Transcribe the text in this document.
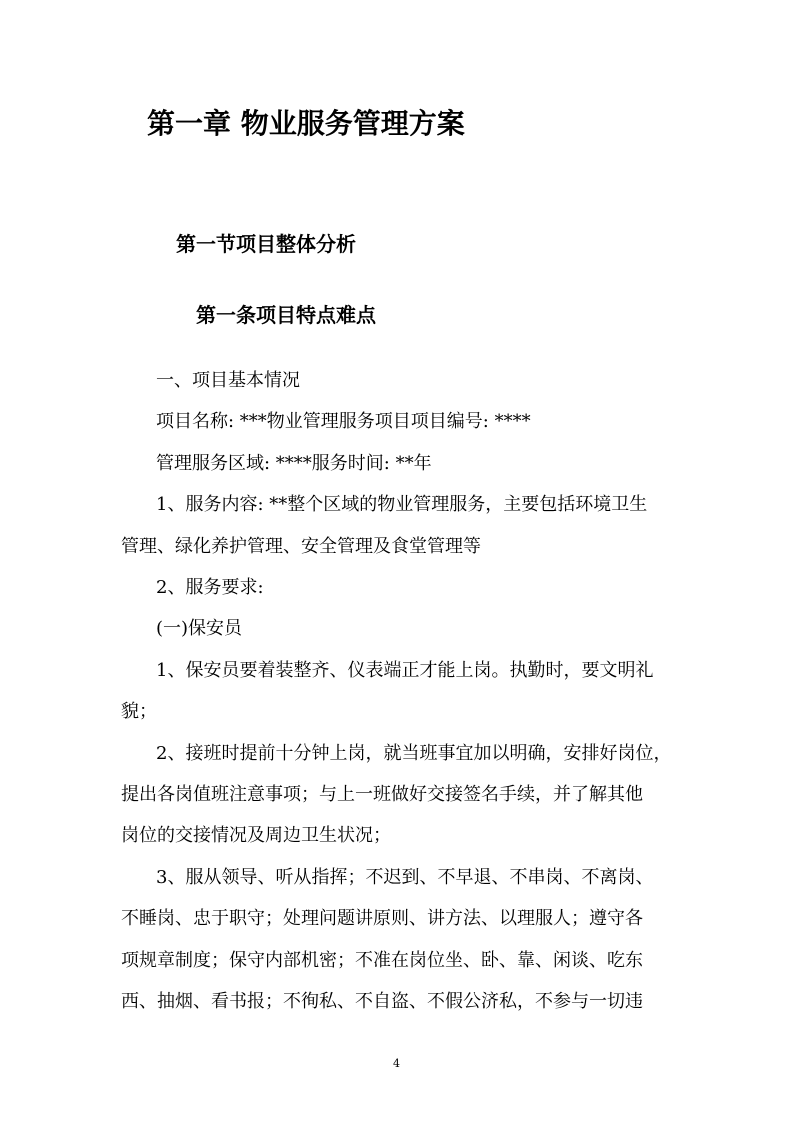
第一章 物业服务管理方案
第一节项目整体分析
第一条项目特点难点
一、项目基本情况
项目名称: ***物业管理服务项目项目编号: ****
管理服务区域: ****服务时间: **年
1、服务内容: **整个区域的物业管理服务，主要包括环境卫生
管理、绿化养护管理、安全管理及食堂管理等
2、服务要求:
(一)保安员
1、保安员要着装整齐、仪表端正才能上岗。执勤时，要文明礼
貌；
2、接班时提前十分钟上岗，就当班事宜加以明确，安排好岗位，
提出各岗值班注意事项；与上一班做好交接签名手续，并了解其他
岗位的交接情况及周边卫生状况；
3、服从领导、听从指挥；不迟到、不早退、不串岗、不离岗、
不睡岗、忠于职守；处理问题讲原则、讲方法、以理服人；遵守各
项规章制度；保守内部机密；不准在岗位坐、卧、靠、闲谈、吃东
西、抽烟、看书报；不徇私、不自盗、不假公济私，不参与一切违
4
